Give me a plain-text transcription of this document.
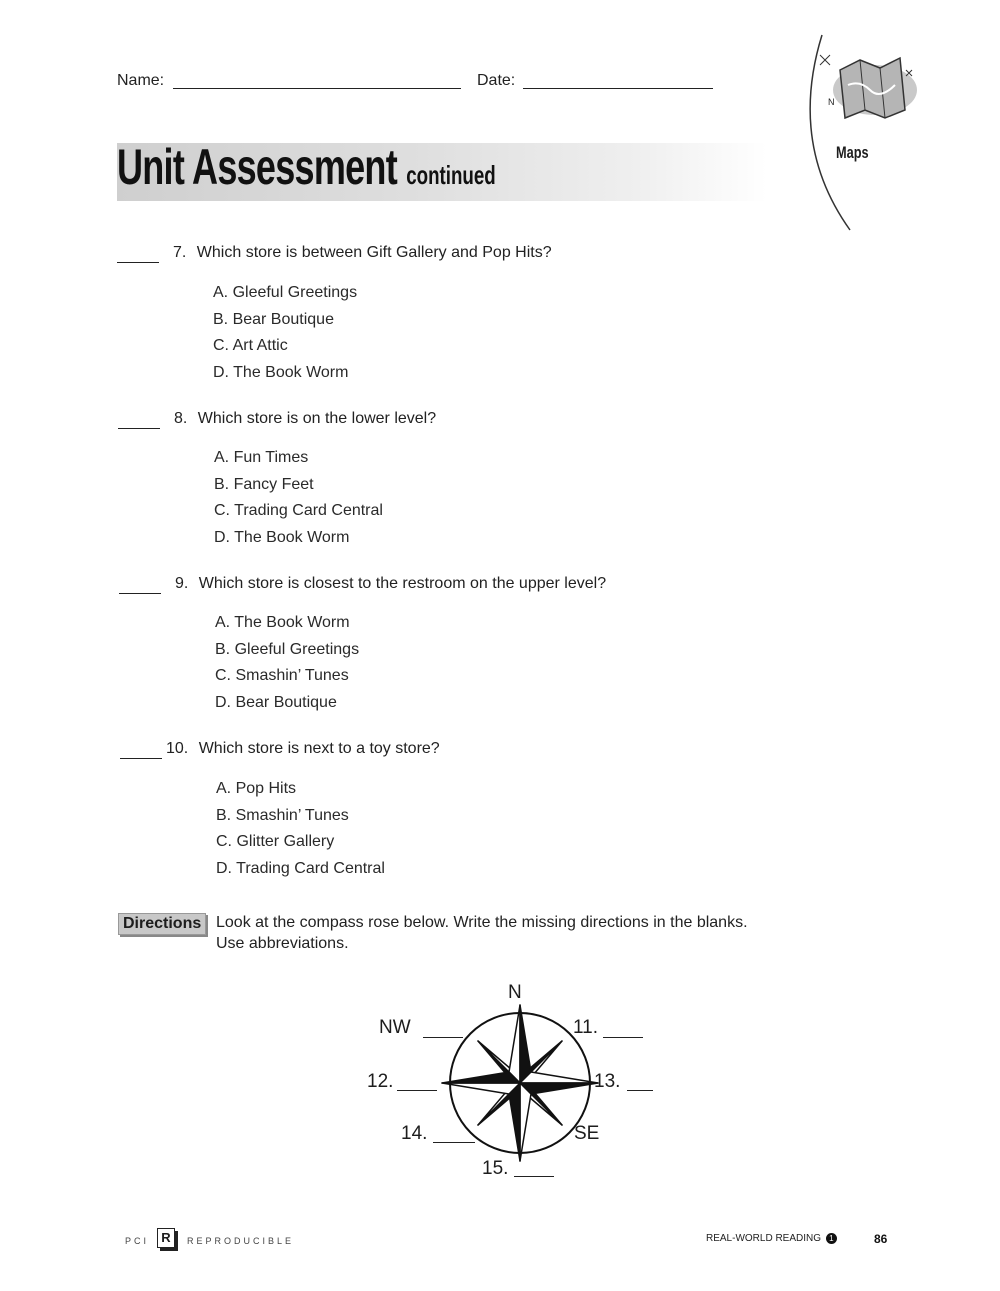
Name:	Date:
N
Maps
Unit Assessment continued
7. Which store is between Gift Gallery and Pop Hits?
A. Gleeful Greetings
B. Bear Boutique
C. Art Attic
D. The Book Worm
8. Which store is on the lower level?
A. Fun Times
B. Fancy Feet
C. Trading Card Central
D. The Book Worm
9. Which store is closest to the restroom on the upper level?
A. The Book Worm
B. Gleeful Greetings
C. Smashin’ Tunes
D. Bear Boutique
10. Which store is next to a toy store?
A. Pop Hits
B. Smashin’ Tunes
C. Glitter Gallery
D. Trading Card Central
Directions Look at the compass rose below. Write the missing directions in the blanks. Use abbreviations.
N
NW	11.
12.	13.
14.	SE
15.
PCI R	REPRODUCIBLE	REAL-WORLD READING 1	86
